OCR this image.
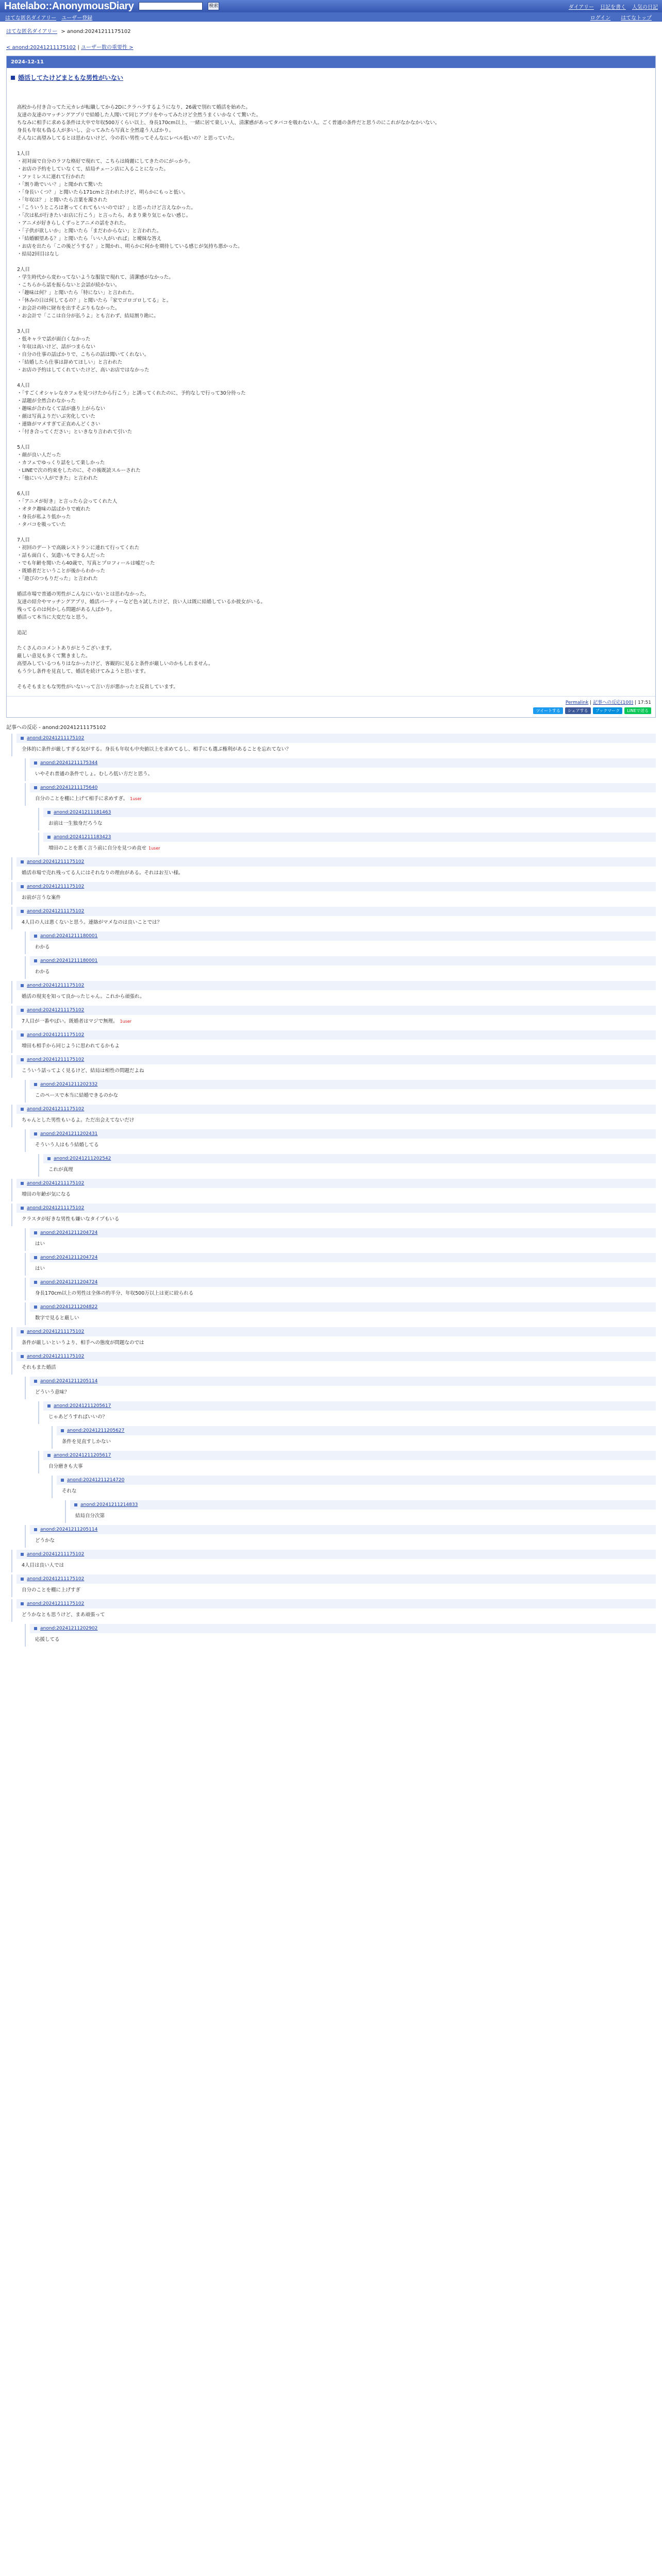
Hatelabo::AnonymousDiary	検索	ダイアリー 日記を書く 人気の日記
はてな匿名ダイアリー ユーザー登録	ログイン はてなトップ
はてな匿名ダイアリー > anond:20241211175102
< anond:20241211175102 | ユーザー数の重要性 >
2024-12-11
婚活してたけどまともな男性がいない

高校から付き合ってた元カレが転職してから2Dにクラハラするようになり、26歳で別れて婚活を始めた。

友達の友達のマッチングアプリで結婚した人聞いて同じアプリをやってみたけど全然うまくいかなくて驚いた。

ちなみに相手に求める条件は大卒で年収500万くらい以上、身長170cm以上、一緒に居て楽しい人、清潔感があってタバコを吸わない人。ごく普通の条件だと思うのにこれがなかなかいない。

身長も年収も偽る人が多いし、会ってみたら写真と全然違う人ばかり。

そんなに高望みしてるとは思わないけど、今の若い男性ってそんなにレベル低いの？と思っていた。

1人目

・初対面で自分のラフな格好で現れて、こちらは綺麗にしてきたのにがっかり。

・お店の予約をしていなくて、結局チェーン店に入ることになった。

・ファミレスに連れて行かれた

・「割り勘でいい？」と聞かれて驚いた

・「身長いくつ？」と聞いたら171cmと言われたけど、明らかにもっと低い。

・「年収は？」と聞いたら言葉を濁された

・「こういうところは奢ってくれてもいいのでは？」と思ったけど言えなかった。

・「次は私が行きたいお店に行こう」と言ったら、あまり乗り気じゃない感じ。

・アニメが好きらしくずっとアニメの話をされた。

・「子供が欲しいか」と聞いたら「まだわからない」と言われた。

・「結婚願望ある？」と聞いたら「いい人がいれば」と曖昧な答え

・お店を出たら「この後どうする？」と聞かれ、明らかに何かを期待している感じが気持ち悪かった。

・結局2回目はなし

2人目

・学生時代から変わってないような服装で現れて、清潔感がなかった。

・こちらから話を振らないと会話が続かない。

・「趣味は何？」と聞いたら「特にない」と言われた。

・「休みの日は何してるの？」と聞いたら「家でゴロゴロしてる」と。

・お会計の時に財布を出すそぶりもなかった。

・お会計で「ここは自分が払うよ」とも言わず、結局割り勘に。

3人目

・低キャラで話が面白くなかった

・年収は高いけど、話がつまらない

・自分の仕事の話ばかりで、こちらの話は聞いてくれない。

・「結婚したら仕事は辞めてほしい」と言われた

・お店の予約はしてくれていたけど、高いお店ではなかった

4人目

・「すごくオシャレなカフェを見つけたから行こう」と誘ってくれたのに、予約なしで行って30分待った

・話題が全然合わなかった

・趣味が合わなくて話が盛り上がらない

・顔は写真よりだいぶ劣化していた

・連絡がマメすぎて正直めんどくさい

・「付き合ってください」といきなり言われて引いた

5人目

・顔が良い人だった

・カフェでゆっくり話をして楽しかった

・LINEで次の約束をしたのに、その後既読スルーされた

・「他にいい人ができた」と言われた

6人目

・「アニメが好き」と言ったら会ってくれた人

・オタク趣味の話ばかりで疲れた

・身長が私より低かった

・タバコを吸っていた

7人目

・初回のデートで高級レストランに連れて行ってくれた

・話も面白く、気遣いもできる人だった

・でも年齢を聞いたら40歳で、写真とプロフィールは嘘だった

・既婚者だということが後からわかった

・「遊びのつもりだった」と言われた

婚活市場で普通の男性がこんなにいないとは思わなかった。

友達の紹介やマッチングアプリ、婚活パーティーなど色々試したけど、良い人は既に結婚しているか彼女がいる。

残ってるのは何かしら問題がある人ばかり。

婚活って本当に大変だなと思う。

追記

たくさんのコメントありがとうございます。

厳しい意見も多くて驚きました。

高望みしているつもりはなかったけど、客観的に見ると条件が厳しいのかもしれません。

もう少し条件を見直して、婚活を続けてみようと思います。

そもそもまともな男性がいないって言い方が悪かったと反省しています。

Permalink | 記事への反応(100) | 17:51
ツイートする	シェアする	ブックマーク	LINEで送る
記事への反応 - anond:20241211175102
anond:20241211175102
全体的に条件が厳しすぎる気がする。身長も年収も中央値以上を求めてるし、相手にも選ぶ権利があることを忘れてない？
anond:20241211175344
いやそれ普通の条件でしょ。むしろ低い方だと思う。
anond:20241211175640
自分のことを棚に上げて相手に求めすぎ。 1user
anond:20241211181463
お前は一生独身だろうな
anond:20241211183423
増田のことを悪く言う前に自分を見つめ直せ 1user
anond:20241211175102
婚活市場で売れ残ってる人にはそれなりの理由がある。それはお互い様。
anond:20241211175102
お前が言うな案件
anond:20241211175102
4人目の人は悪くないと思う。連絡がマメなのは良いことでは？
anond:20241211180001
わかる
anond:20241211180001
わかる
anond:20241211175102
婚活の現実を知って良かったじゃん。これから頑張れ。
anond:20241211175102
7人目が一番やばい。既婚者はマジで無理。 1user
anond:20241211175102
増田も相手から同じように思われてるかもよ
anond:20241211175102
こういう話ってよく見るけど、結局は相性の問題だよね
anond:20241211202332
このペースで本当に結婚できるのかな
anond:20241211175102
ちゃんとした男性もいるよ。ただ出会えてないだけ
anond:20241211202431
そういう人はもう結婚してる
anond:20241211202542
これが真理
anond:20241211175102
増田の年齢が気になる
anond:20241211175102
クラスタが好きな男性も嫌いなタイプもいる
anond:20241211204724
はい
anond:20241211204724
はい
anond:20241211204724
身長170cm以上の男性は全体の約半分、年収500万以上は更に絞られる
anond:20241211204822
数字で見ると厳しい
anond:20241211175102
条件が厳しいというより、相手への態度が問題なのでは
anond:20241211175102
それもまた婚活
anond:20241211205114
どういう意味？
anond:20241211205617
じゃあどうすればいいの？
anond:20241211205627
条件を見直すしかない
anond:20241211205617
自分磨きも大事
anond:20241211214720
それな
anond:20241211214833
結局自分次第
anond:20241211205114
どうかな
anond:20241211175102
4人目は良い人では
anond:20241211175102
自分のことを棚に上げすぎ
anond:20241211175102
どうかなとも思うけど、まあ頑張って
anond:20241211202902
応援してる
